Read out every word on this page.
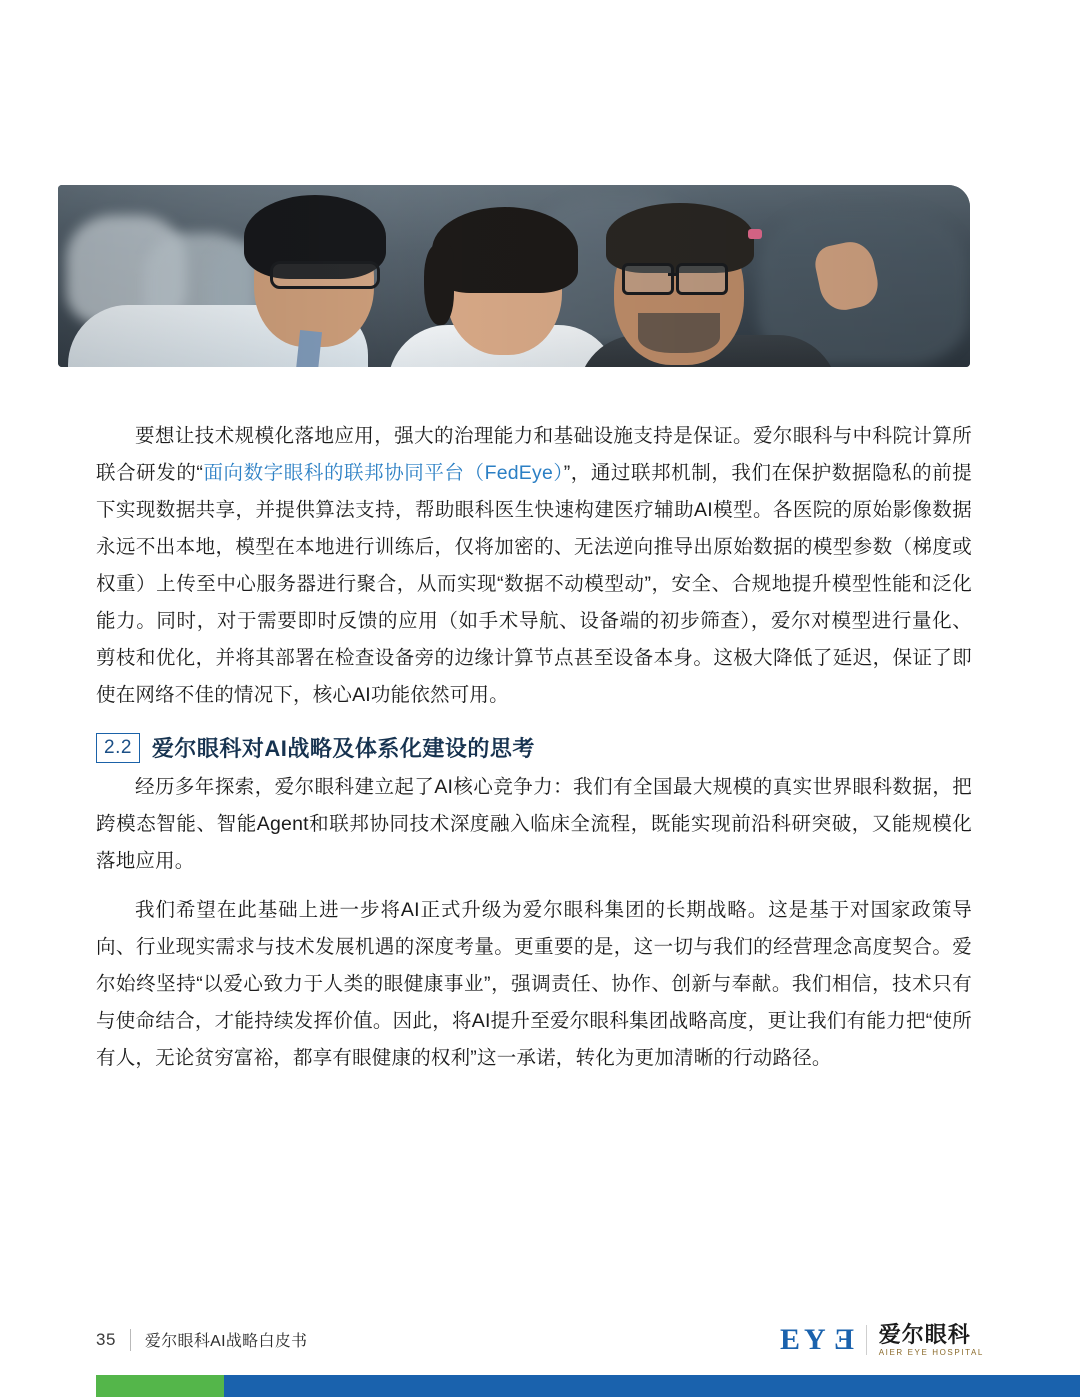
要想让技术规模化落地应用，强大的治理能力和基础设施支持是保证。爱尔眼科与中科院计算所联合研发的“面向数字眼科的联邦协同平台（FedEye）”，通过联邦机制，我们在保护数据隐私的前提下实现数据共享，并提供算法支持，帮助眼科医生快速构建医疗辅助AI模型。各医院的原始影像数据永远不出本地，模型在本地进行训练后，仅将加密的、无法逆向推导出原始数据的模型参数（梯度或权重）上传至中心服务器进行聚合，从而实现“数据不动模型动”，安全、合规地提升模型性能和泛化能力。同时，对于需要即时反馈的应用（如手术导航、设备端的初步筛查），爱尔对模型进行量化、剪枝和优化，并将其部署在检查设备旁的边缘计算节点甚至设备本身。这极大降低了延迟，保证了即使在网络不佳的情况下，核心AI功能依然可用。

2.2 爱尔眼科对AI战略及体系化建设的思考

经历多年探索，爱尔眼科建立起了AI核心竞争力：我们有全国最大规模的真实世界眼科数据，把跨模态智能、智能Agent和联邦协同技术深度融入临床全流程，既能实现前沿科研突破，又能规模化落地应用。

我们希望在此基础上进一步将AI正式升级为爱尔眼科集团的长期战略。这是基于对国家政策导向、行业现实需求与技术发展机遇的深度考量。更重要的是，这一切与我们的经营理念高度契合。爱尔始终坚持“以爱心致力于人类的眼健康事业”，强调责任、协作、创新与奉献。我们相信，技术只有与使命结合，才能持续发挥价值。因此，将AI提升至爱尔眼科集团战略高度，更让我们有能力把“使所有人，无论贫穷富裕，都享有眼健康的权利”这一承诺，转化为更加清晰的行动路径。

35 爱尔眼科AI战略白皮书	EYE 爱尔眼科
AIER EYE HOSPITAL
